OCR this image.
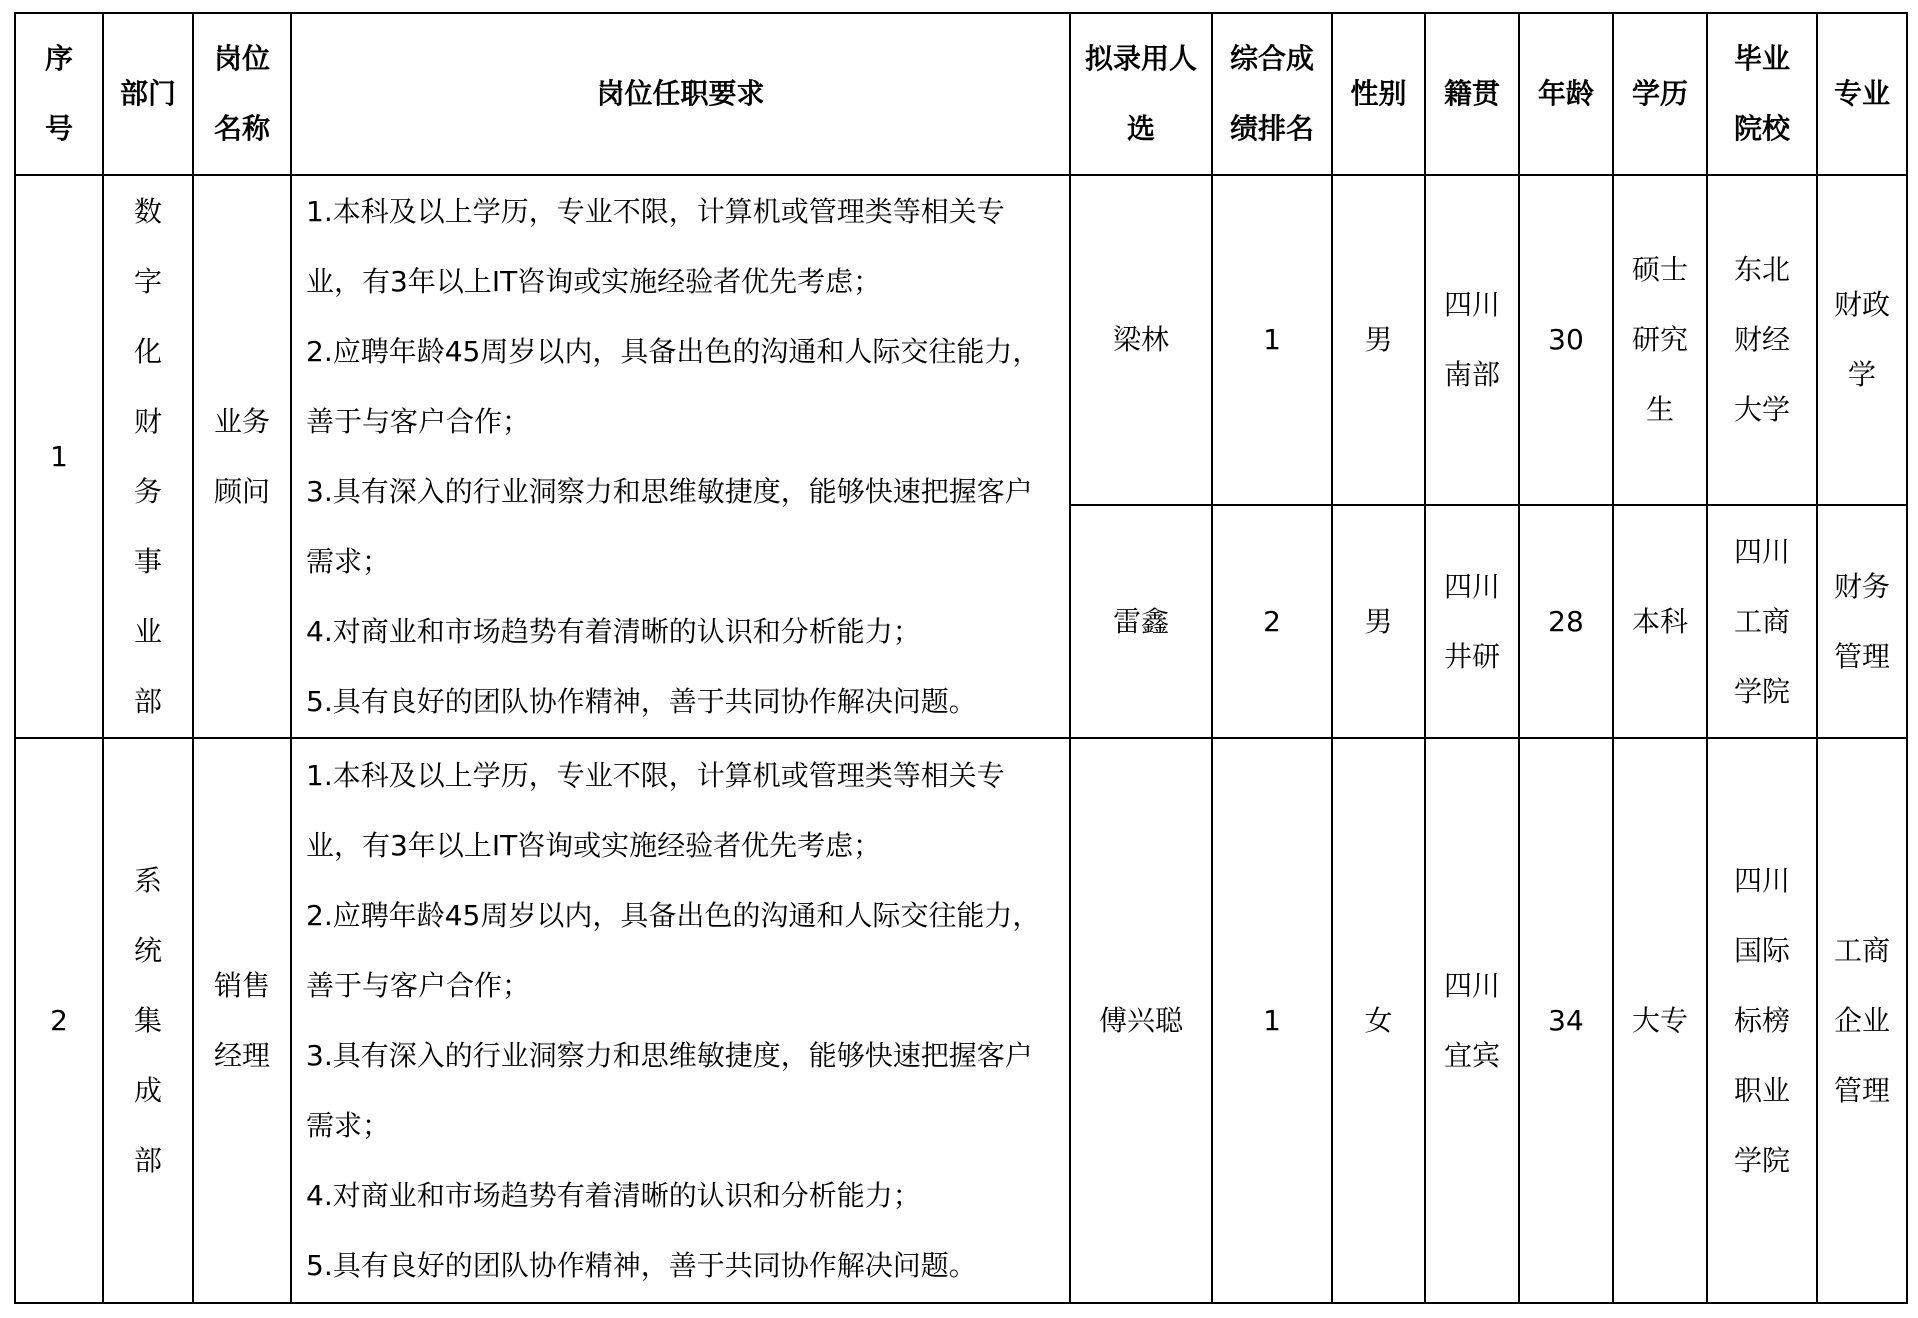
序号	部门	岗位名称	岗位任职要求	拟录用人选	综合成绩排名	性别	籍贯	年龄	学历	毕业院校	专业
1	数字化财务事业部	业务顾问	1.本科及以上学历，专业不限，计算机或管理类等相关专业，有3年以上IT咨询或实施经验者优先考虑；
2.应聘年龄45周岁以内，具备出色的沟通和人际交往能力，善于与客户合作；
3.具有深入的行业洞察力和思维敏捷度，能够快速把握客户需求；
4.对商业和市场趋势有着清晰的认识和分析能力；
5.具有良好的团队协作精神，善于共同协作解决问题。	梁林	1	男	四川南部	30	硕士研究生	东北财经大学	财政学
				雷鑫	2	男	四川井研	28	本科	四川工商学院	财务管理
2	系统集成部	销售经理	1.本科及以上学历，专业不限，计算机或管理类等相关专业，有3年以上IT咨询或实施经验者优先考虑；
2.应聘年龄45周岁以内，具备出色的沟通和人际交往能力，善于与客户合作；
3.具有深入的行业洞察力和思维敏捷度，能够快速把握客户需求；
4.对商业和市场趋势有着清晰的认识和分析能力；
5.具有良好的团队协作精神，善于共同协作解决问题。	傅兴聪	1	女	四川宜宾	34	大专	四川国际标榜职业学院	工商企业管理
